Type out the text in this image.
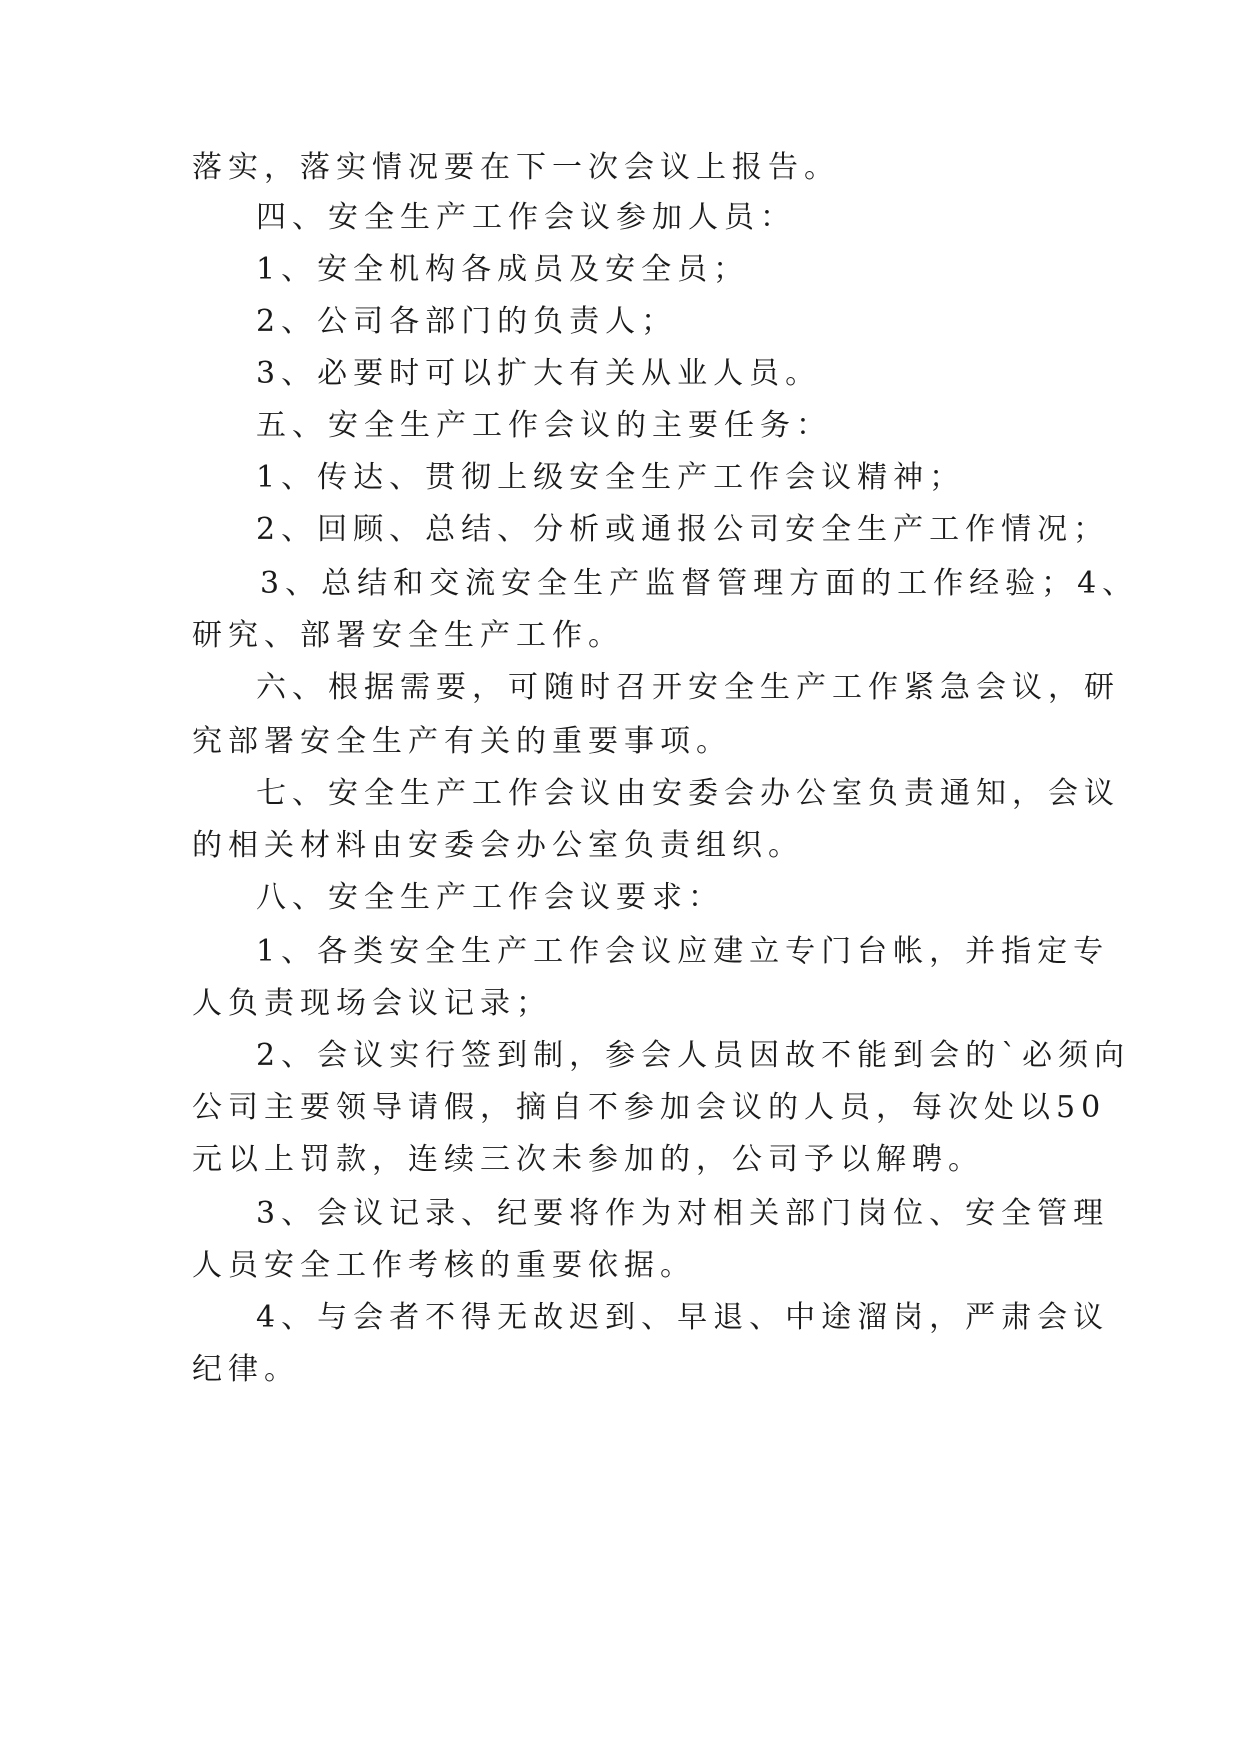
落实，落实情况要在下一次会议上报告。
四、安全生产工作会议参加人员：
1、安全机构各成员及安全员；
2、公司各部门的负责人；
3、必要时可以扩大有关从业人员。
五、安全生产工作会议的主要任务：
1、传达、贯彻上级安全生产工作会议精神；
2、回顾、总结、分析或通报公司安全生产工作情况；
3、总结和交流安全生产监督管理方面的工作经验；4、
研究、部署安全生产工作。
六、根据需要，可随时召开安全生产工作紧急会议，研
究部署安全生产有关的重要事项。
七、安全生产工作会议由安委会办公室负责通知，会议
的相关材料由安委会办公室负责组织。
八、安全生产工作会议要求：
1、各类安全生产工作会议应建立专门台帐，并指定专
人负责现场会议记录；
2、会议实行签到制，参会人员因故不能到会的`必须向
公司主要领导请假，摘自不参加会议的人员，每次处以50
元以上罚款，连续三次未参加的，公司予以解聘。
3、会议记录、纪要将作为对相关部门岗位、安全管理
人员安全工作考核的重要依据。
4、与会者不得无故迟到、早退、中途溜岗，严肃会议
纪律。
